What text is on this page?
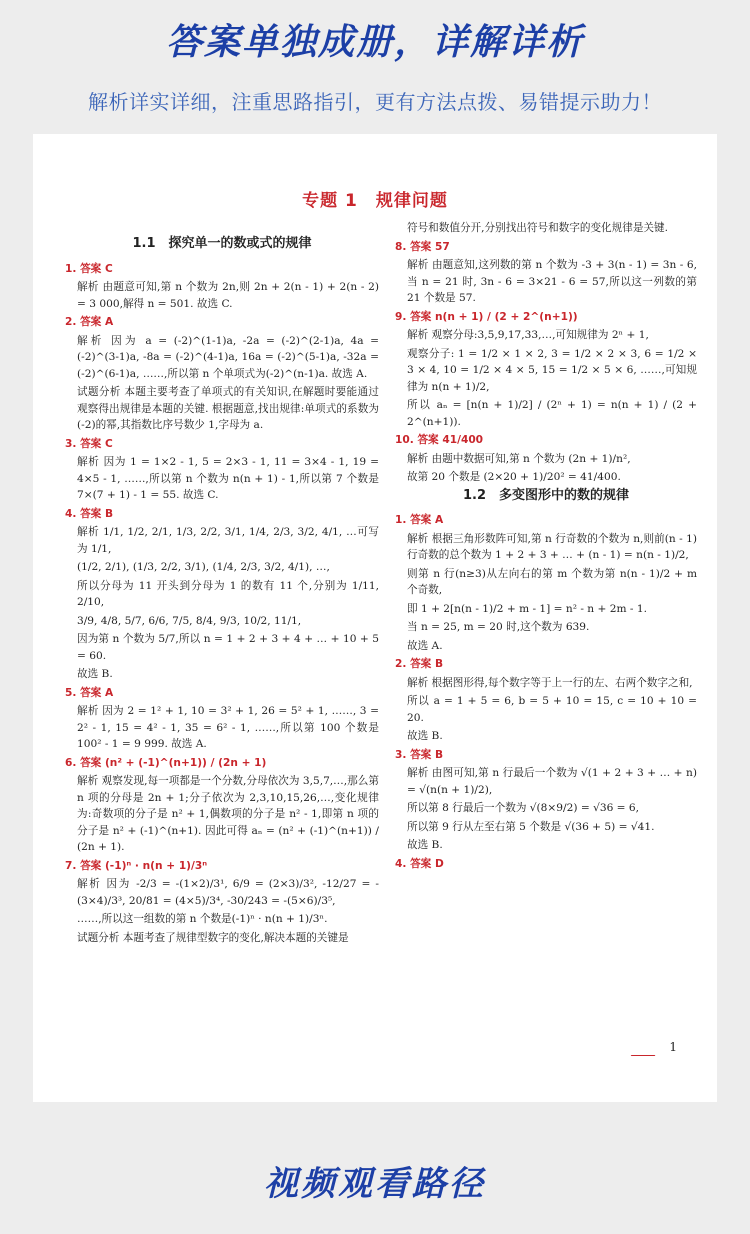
答案单独成册，详解详析
解析详实详细，注重思路指引，更有方法点拨、易错提示助力！
专题 1　规律问题
1.1　探究单一的数或式的规律
1. 答案 C
解析 由题意可知,第 n 个数为 2n,则 2n + 2(n - 1) + 2(n - 2) = 3 000,解得 n = 501. 故选 C.
2. 答案 A
解析 因为 a = (-2)^(1-1)a, -2a = (-2)^(2-1)a, 4a = (-2)^(3-1)a, -8a = (-2)^(4-1)a, 16a = (-2)^(5-1)a, -32a = (-2)^(6-1)a, ……,所以第 n 个单项式为(-2)^(n-1)a. 故选 A.
试题分析 本题主要考查了单项式的有关知识,在解题时要能通过观察得出规律是本题的关键. 根据题意,找出规律:单项式的系数为(-2)的幂,其指数比序号数少 1,字母为 a.
3. 答案 C
解析 因为 1 = 1×2 - 1, 5 = 2×3 - 1, 11 = 3×4 - 1, 19 = 4×5 - 1, ……,所以第 n 个数为 n(n + 1) - 1,所以第 7 个数是 7×(7 + 1) - 1 = 55. 故选 C.
4. 答案 B
解析 1/1, 1/2, 2/1, 1/3, 2/2, 3/1, 1/4, 2/3, 3/2, 4/1, …可写为 1/1,
(1/2, 2/1), (1/3, 2/2, 3/1), (1/4, 2/3, 3/2, 4/1), …,
所以分母为 11 开头到分母为 1 的数有 11 个,分别为 1/11, 2/10,
3/9, 4/8, 5/7, 6/6, 7/5, 8/4, 9/3, 10/2, 11/1,
因为第 n 个数为 5/7,所以 n = 1 + 2 + 3 + 4 + … + 10 + 5 = 60.
故选 B.
5. 答案 A
解析 因为 2 = 1² + 1, 10 = 3² + 1, 26 = 5² + 1, ……, 3 = 2² - 1, 15 = 4² - 1, 35 = 6² - 1, ……,所以第 100 个数是 100² - 1 = 9 999. 故选 A.
6. 答案 (n² + (-1)^(n+1)) / (2n + 1)
解析 观察发现,每一项都是一个分数,分母依次为 3,5,7,…,那么第 n 项的分母是 2n + 1;分子依次为 2,3,10,15,26,…,变化规律为:奇数项的分子是 n² + 1,偶数项的分子是 n² - 1,即第 n 项的分子是 n² + (-1)^(n+1). 因此可得 aₙ = (n² + (-1)^(n+1)) / (2n + 1).
7. 答案 (-1)ⁿ · n(n + 1)/3ⁿ
解析 因为 -2/3 = -(1×2)/3¹, 6/9 = (2×3)/3², -12/27 = -(3×4)/3³, 20/81 = (4×5)/3⁴, -30/243 = -(5×6)/3⁵,
……,所以这一组数的第 n 个数是(-1)ⁿ · n(n + 1)/3ⁿ.
试题分析 本题考查了规律型数字的变化,解决本题的关键是
符号和数值分开,分别找出符号和数字的变化规律是关键.
8. 答案 57
解析 由题意知,这列数的第 n 个数为 -3 + 3(n - 1) = 3n - 6,当 n = 21 时, 3n - 6 = 3×21 - 6 = 57,所以这一列数的第 21 个数是 57.
9. 答案 n(n + 1) / (2 + 2^(n+1))
解析 观察分母:3,5,9,17,33,…,可知规律为 2ⁿ + 1,
观察分子: 1 = 1/2 × 1 × 2, 3 = 1/2 × 2 × 3, 6 = 1/2 × 3 × 4, 10 = 1/2 × 4 × 5, 15 = 1/2 × 5 × 6, ……,可知规律为 n(n + 1)/2,
所以 aₙ = [n(n + 1)/2] / (2ⁿ + 1) = n(n + 1) / (2 + 2^(n+1)).
10. 答案 41/400
解析 由题中数据可知,第 n 个数为 (2n + 1)/n²,
故第 20 个数是 (2×20 + 1)/20² = 41/400.
1.2　多变图形中的数的规律
1. 答案 A
解析 根据三角形数阵可知,第 n 行奇数的个数为 n,则前(n - 1)行奇数的总个数为 1 + 2 + 3 + … + (n - 1) = n(n - 1)/2,
则第 n 行(n≥3)从左向右的第 m 个数为第 n(n - 1)/2 + m 个奇数,
即 1 + 2[n(n - 1)/2 + m - 1] = n² - n + 2m - 1.
当 n = 25, m = 20 时,这个数为 639.
故选 A.
2. 答案 B
解析 根据图形得,每个数字等于上一行的左、右两个数字之和,
所以 a = 1 + 5 = 6, b = 5 + 10 = 15, c = 10 + 10 = 20.
故选 B.
3. 答案 B
解析 由图可知,第 n 行最后一个数为 √(1 + 2 + 3 + … + n) = √(n(n + 1)/2),
所以第 8 行最后一个数为 √(8×9/2) = √36 = 6,
所以第 9 行从左至右第 5 个数是 √(36 + 5) = √41.
故选 B.
4. 答案 D
1
视频观看路径
